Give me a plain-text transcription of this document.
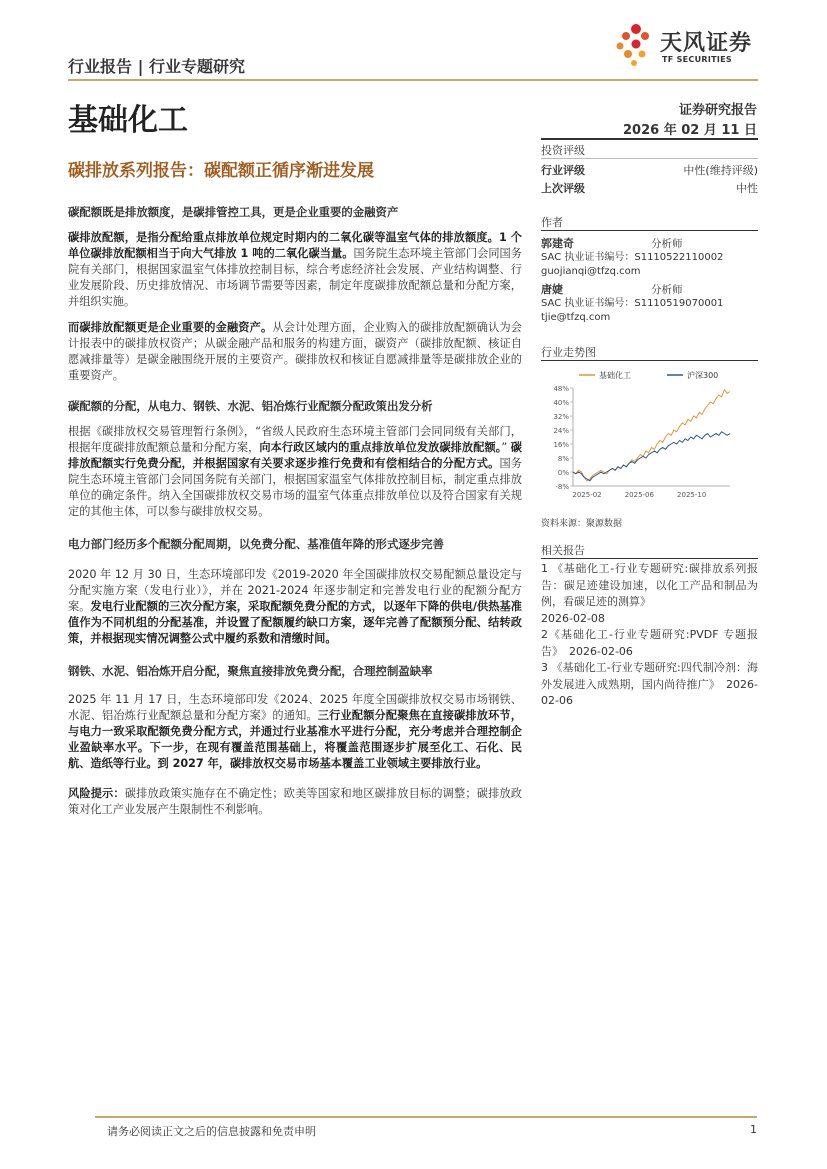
行业报告 | 行业专题研究
天风证券
TF SECURITIES
基础化工	证券研究报告
2026 年 02 月 11 日
碳排放系列报告：碳配额正循序渐进发展
碳配额既是排放额度，是碳排管控工具，更是企业重要的金融资产

碳排放配额，是指分配给重点排放单位规定时期内的二氧化碳等温室气体的排放额度。1 个单位碳排放配额相当于向大气排放 1 吨的二氧化碳当量。国务院生态环境主管部门会同国务院有关部门，根据国家温室气体排放控制目标，综合考虑经济社会发展、产业结构调整、行业发展阶段、历史排放情况、市场调节需要等因素，制定年度碳排放配额总量和分配方案，并组织实施。

而碳排放配额更是企业重要的金融资产。从会计处理方面，企业购入的碳排放配额确认为会计报表中的碳排放权资产；从碳金融产品和服务的构建方面，碳资产（碳排放配额、核证自愿减排量等）是碳金融围绕开展的主要资产。碳排放权和核证自愿减排量等是碳排放企业的重要资产。

碳配额的分配，从电力、钢铁、水泥、铝冶炼行业配额分配政策出发分析

根据《碳排放权交易管理暂行条例》，“省级人民政府生态环境主管部门会同同级有关部门，根据年度碳排放配额总量和分配方案，向本行政区域内的重点排放单位发放碳排放配额。” 碳排放配额实行免费分配，并根据国家有关要求逐步推行免费和有偿相结合的分配方式。国务院生态环境主管部门会同国务院有关部门，根据国家温室气体排放控制目标，制定重点排放单位的确定条件。纳入全国碳排放权交易市场的温室气体重点排放单位以及符合国家有关规定的其他主体，可以参与碳排放权交易。

电力部门经历多个配额分配周期，以免费分配、基准值年降的形式逐步完善

2020 年 12 月 30 日，生态环境部印发《2019-2020 年全国碳排放权交易配额总量设定与分配实施方案（发电行业）》，并在 2021-2024 年逐步制定和完善发电行业的配额分配方案。发电行业配额的三次分配方案，采取配额免费分配的方式，以逐年下降的供电/供热基准值作为不同机组的分配基准，并设置了配额履约缺口方案，逐年完善了配额预分配、结转政策，并根据现实情况调整公式中履约系数和清缴时间。

钢铁、水泥、铝冶炼开启分配，聚焦直接排放免费分配，合理控制盈缺率

2025 年 11 月 17 日，生态环境部印发《2024、2025 年度全国碳排放权交易市场钢铁、水泥、铝冶炼行业配额总量和分配方案》的通知。三行业配额分配聚焦在直接碳排放环节，与电力一致采取配额免费分配方式，并通过行业基准水平进行分配，充分考虑并合理控制企业盈缺率水平。下一步，在现有覆盖范围基础上，将覆盖范围逐步扩展至化工、石化、民航、造纸等行业。到 2027 年，碳排放权交易市场基本覆盖工业领域主要排放行业。

风险提示：碳排放政策实施存在不确定性；欧美等国家和地区碳排放目标的调整；碳排放政策对化工产业发展产生限制性不利影响。

投资评级
行业评级	中性(维持评级)
上次评级	中性
作者
郭建奇	分析师
SAC 执业证书编号：S1110522110002
guojianqi@tfzq.com
唐婕	分析师
SAC 执业证书编号：S1110519070001
tjie@tfzq.com
行业走势图
-8%
0%
8%
16%
24%
32%
40%
48%
2025-02	2025-06	2025-10
基础化工	沪深300
资料来源：聚源数据
相关报告

1 《基础化工-行业专题研究:碳排放系列报告：碳足迹建设加速，以化工产品和制品为例，看碳足迹的测算》
2026-02-08

2《基础化工-行业专题研究:PVDF 专题报告》 2026-02-06

3 《基础化工-行业专题研究:四代制冷剂：海外发展进入成熟期，国内尚待推广》 2026-02-06

请务必阅读正文之后的信息披露和免责申明	1
